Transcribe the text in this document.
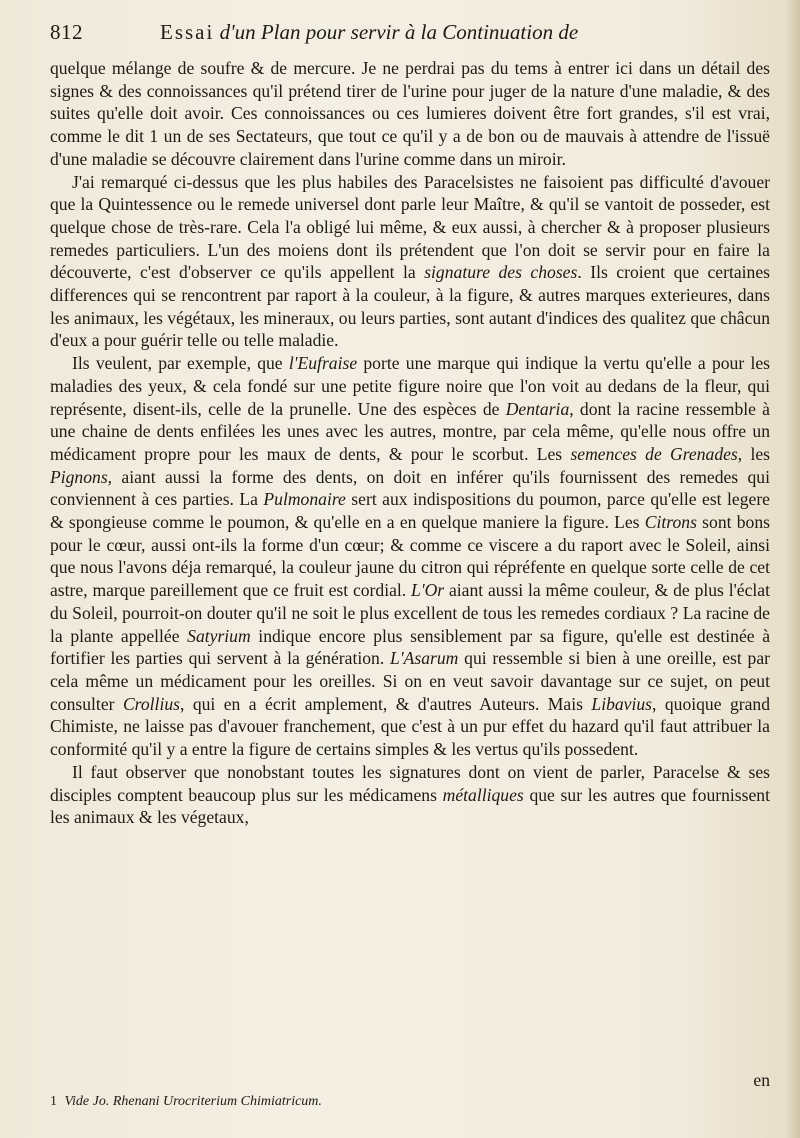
812	Essai d'un Plan pour servir à la Continuation de

quelque mélange de soufre & de mercure. Je ne perdrai pas du tems à entrer ici dans un détail des signes & des connoissances qu'il prétend tirer de l'urine pour juger de la nature d'une maladie, & des suites qu'elle doit avoir. Ces connoissances ou ces lumieres doivent être fort grandes, s'il est vrai, comme le dit 1 un de ses Sectateurs, que tout ce qu'il y a de bon ou de mauvais à attendre de l'issuë d'une maladie se découvre clairement dans l'urine comme dans un miroir.

J'ai remarqué ci-dessus que les plus habiles des Paracelsistes ne faisoient pas difficulté d'avouer que la Quintessence ou le remede universel dont parle leur Maître, & qu'il se vantoit de posseder, est quelque chose de très-rare. Cela l'a obligé lui même, & eux aussi, à chercher & à proposer plusieurs remedes particuliers. L'un des moiens dont ils prétendent que l'on doit se servir pour en faire la découverte, c'est d'observer ce qu'ils appellent la signature des choses. Ils croient que certaines differences qui se rencontrent par raport à la couleur, à la figure, & autres marques exterieures, dans les animaux, les végétaux, les mineraux, ou leurs parties, sont autant d'indices des qualitez que châcun d'eux a pour guérir telle ou telle maladie.

Ils veulent, par exemple, que l'Eufraise porte une marque qui indique la vertu qu'elle a pour les maladies des yeux, & cela fondé sur une petite figure noire que l'on voit au dedans de la fleur, qui représente, disent-ils, celle de la prunelle. Une des espèces de Dentaria, dont la racine ressemble à une chaine de dents enfilées les unes avec les autres, montre, par cela même, qu'elle nous offre un médicament propre pour les maux de dents, & pour le scorbut. Les semences de Grenades, les Pignons, aiant aussi la forme des dents, on doit en inférer qu'ils fournissent des remedes qui conviennent à ces parties. La Pulmonaire sert aux indispositions du poumon, parce qu'elle est legere & spongieuse comme le poumon, & qu'elle en a en quelque maniere la figure. Les Citrons sont bons pour le cœur, aussi ont-ils la forme d'un cœur; & comme ce viscere a du raport avec le Soleil, ainsi que nous l'avons déja remarqué, la couleur jaune du citron qui répréfente en quelque sorte celle de cet astre, marque pareillement que ce fruit est cordial. L'Or aiant aussi la même couleur, & de plus l'éclat du Soleil, pourroit-on douter qu'il ne soit le plus excellent de tous les remedes cordiaux ? La racine de la plante appellée Satyrium indique encore plus sensiblement par sa figure, qu'elle est destinée à fortifier les parties qui servent à la génération. L'Asarum qui ressemble si bien à une oreille, est par cela même un médicament pour les oreilles. Si on en veut savoir davantage sur ce sujet, on peut consulter Crollius, qui en a écrit amplement, & d'autres Auteurs. Mais Libavius, quoique grand Chimiste, ne laisse pas d'avouer franchement, que c'est à un pur effet du hazard qu'il faut attribuer la conformité qu'il y a entre la figure de certains simples & les vertus qu'ils possedent.

Il faut observer que nonobstant toutes les signatures dont on vient de parler, Paracelse & ses disciples comptent beaucoup plus sur les médicamens métalliques que sur les autres que fournissent les animaux & les végetaux,

en
1 Vide Jo. Rhenani Urocriterium Chimiatricum.
